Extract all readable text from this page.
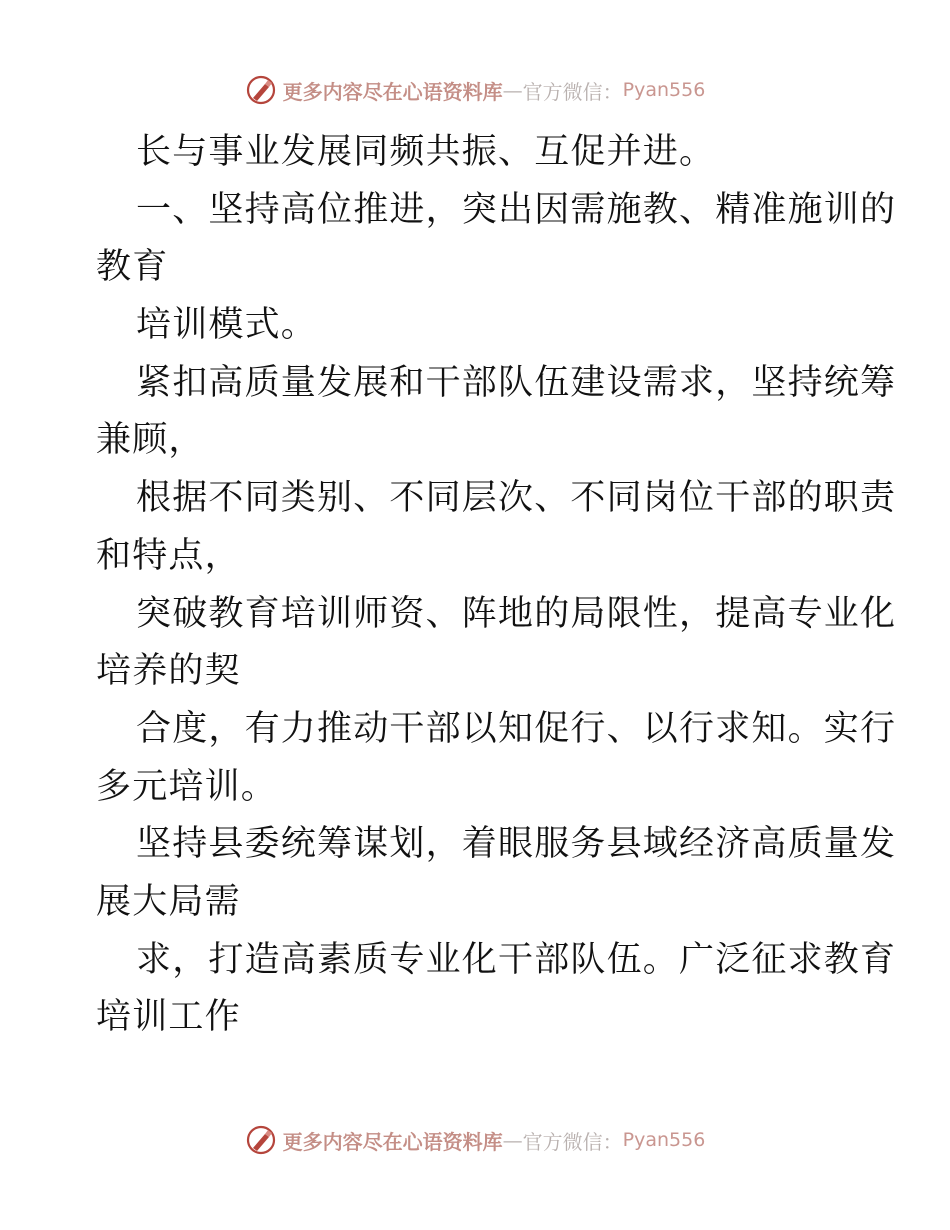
更多内容尽在心语资料库 — 官方微信： Pyan556
长与事业发展同频共振、互促并进。
一、坚持高位推进，突出因需施教、精准施训的
教育
培训模式。
紧扣高质量发展和干部队伍建设需求，坚持统筹
兼顾，
根据不同类别、不同层次、不同岗位干部的职责
和特点，
突破教育培训师资、阵地的局限性，提高专业化
培养的契
合度，有力推动干部以知促行、以行求知。实行
多元培训。
坚持县委统筹谋划，着眼服务县域经济高质量发
展大局需
求，打造高素质专业化干部队伍。广泛征求教育
培训工作
更多内容尽在心语资料库 — 官方微信： Pyan556
